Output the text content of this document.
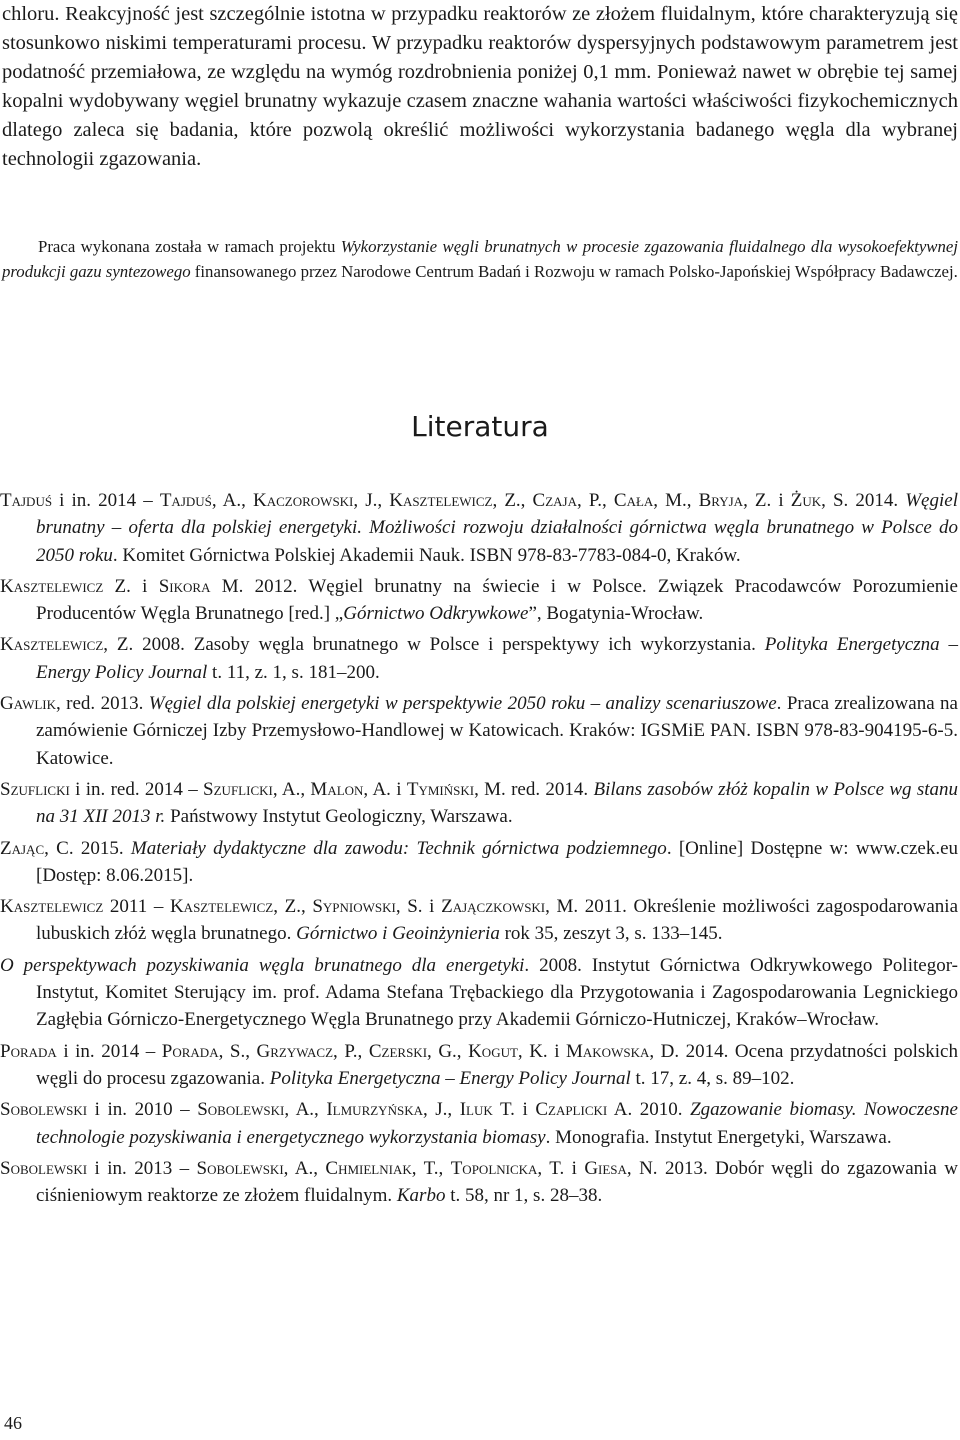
chloru. Reakcyjność jest szczególnie istotna w przypadku reaktorów ze złożem fluidalnym, które charakteryzują się stosunkowo niskimi temperaturami procesu. W przypadku reaktorów dyspersyjnych podstawowym parametrem jest podatność przemiałowa, ze względu na wymóg rozdrobnienia poniżej 0,1 mm. Ponieważ nawet w obrębie tej samej kopalni wydobywany węgiel brunatny wykazuje czasem znaczne wahania wartości właściwości fizykochemicznych dlatego zaleca się badania, które pozwolą określić możliwości wykorzystania badanego węgla dla wybranej technologii zgazowania.

Praca wykonana została w ramach projektu Wykorzystanie węgli brunatnych w procesie zgazowania fluidalnego dla wysokoefektywnej produkcji gazu syntezowego finansowanego przez Narodowe Centrum Badań i Rozwoju w ramach Polsko-Japońskiej Współpracy Badawczej.

Literatura
Tajduś i in. 2014 – Tajduś, A., Kaczorowski, J., Kasztelewicz, Z., Czaja, P., Cała, M., Bryja, Z. i Żuk, S. 2014. Węgiel brunatny – oferta dla polskiej energetyki. Możliwości rozwoju działalności górnictwa węgla brunatnego w Polsce do 2050 roku. Komitet Górnictwa Polskiej Akademii Nauk. ISBN 978-83-7783-084-0, Kraków.
Kasztelewicz Z. i Sikora M. 2012. Węgiel brunatny na świecie i w Polsce. Związek Pracodawców Porozumienie Producentów Węgla Brunatnego [red.] „Górnictwo Odkrywkowe”, Bogatynia-Wrocław.
Kasztelewicz, Z. 2008. Zasoby węgla brunatnego w Polsce i perspektywy ich wykorzystania. Polityka Energetyczna – Energy Policy Journal t. 11, z. 1, s. 181–200.
Gawlik, red. 2013. Węgiel dla polskiej energetyki w perspektywie 2050 roku – analizy scenariuszowe. Praca zrealizowana na zamówienie Górniczej Izby Przemysłowo-Handlowej w Katowicach. Kraków: IGSMiE PAN. ISBN 978-83-904195-6-5. Katowice.
Szuflicki i in. red. 2014 – Szuflicki, A., Malon, A. i Tymiński, M. red. 2014. Bilans zasobów złóż kopalin w Polsce wg stanu na 31 XII 2013 r. Państwowy Instytut Geologiczny, Warszawa.
Zając, C. 2015. Materiały dydaktyczne dla zawodu: Technik górnictwa podziemnego. [Online] Dostępne w: www.czek.eu [Dostęp: 8.06.2015].
Kasztelewicz 2011 – Kasztelewicz, Z., Sypniowski, S. i Zajączkowski, M. 2011. Określenie możliwości zagospodarowania lubuskich złóż węgla brunatnego. Górnictwo i Geoinżynieria rok 35, zeszyt 3, s. 133–145.
O perspektywach pozyskiwania węgla brunatnego dla energetyki. 2008. Instytut Górnictwa Odkrywkowego Politegor-Instytut, Komitet Sterujący im. prof. Adama Stefana Trębackiego dla Przygotowania i Zagospodarowania Legnickiego Zagłębia Górniczo-Energetycznego Węgla Brunatnego przy Akademii Górniczo-Hutniczej, Kraków–Wrocław.
Porada i in. 2014 – Porada, S., Grzywacz, P., Czerski, G., Kogut, K. i Makowska, D. 2014. Ocena przydatności polskich węgli do procesu zgazowania. Polityka Energetyczna – Energy Policy Journal t. 17, z. 4, s. 89–102.
Sobolewski i in. 2010 – Sobolewski, A., Ilmurzyńska, J., Iluk T. i Czaplicki A. 2010. Zgazowanie biomasy. Nowoczesne technologie pozyskiwania i energetycznego wykorzystania biomasy. Monografia. Instytut Energetyki, Warszawa.
Sobolewski i in. 2013 – Sobolewski, A., Chmielniak, T., Topolnicka, T. i Giesa, N. 2013. Dobór węgli do zgazowania w ciśnieniowym reaktorze ze złożem fluidalnym. Karbo t. 58, nr 1, s. 28–38.

46
